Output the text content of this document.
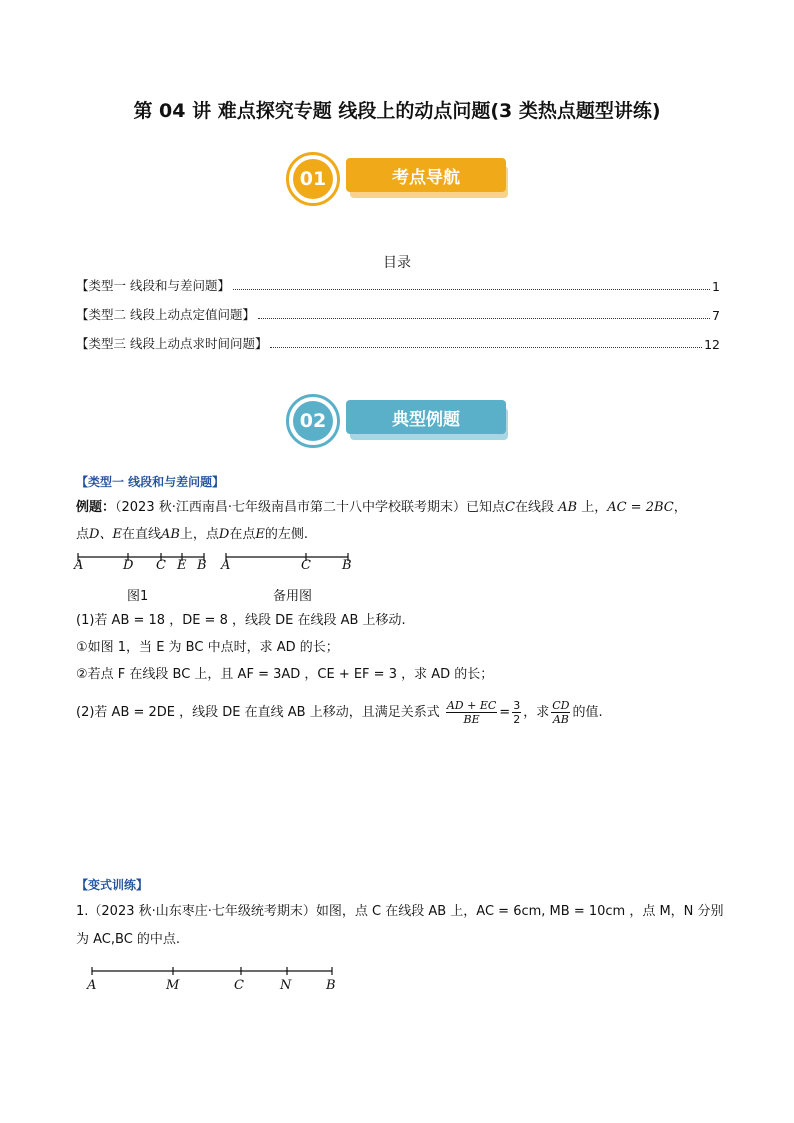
第 04 讲 难点探究专题 线段上的动点问题(3 类热点题型讲练)
考点导航
01
目录
【类型一 线段和与差问题】	1
【类型二 线段上动点定值问题】	7
【类型三 线段上动点求时间问题】	12
典型例题
02
【类型一 线段和与差问题】
例题：（2023 秋·江西南昌·七年级南昌市第二十八中学校联考期末）已知点C在线段 AB 上，AC = 2BC，
点D、E在直线AB上，点D在点E的左侧.
A	D C E B A	C B
图1	备用图
(1)若 AB = 18 ，DE = 8 ，线段 DE 在线段 AB 上移动.
①如图 1，当 E 为 BC 中点时，求 AD 的长；
②若点 F 在线段 BC 上，且 AF = 3AD ，CE + EF = 3 ，求 AD 的长；
(2)若 AB = 2DE ，线段 DE 在直线 AB 上移动，且满足关系式 $\frac{AD + EC}{BE} = \frac{3}{2}$ ，求 $\frac{CD}{AB}$ 的值.
【变式训练】
1.（2023 秋·山东枣庄·七年级统考期末）如图，点 C 在线段 AB 上，AC = 6cm, MB = 10cm ，点 M，N 分别
为 AC,BC 的中点.
A	M	C	N	B
